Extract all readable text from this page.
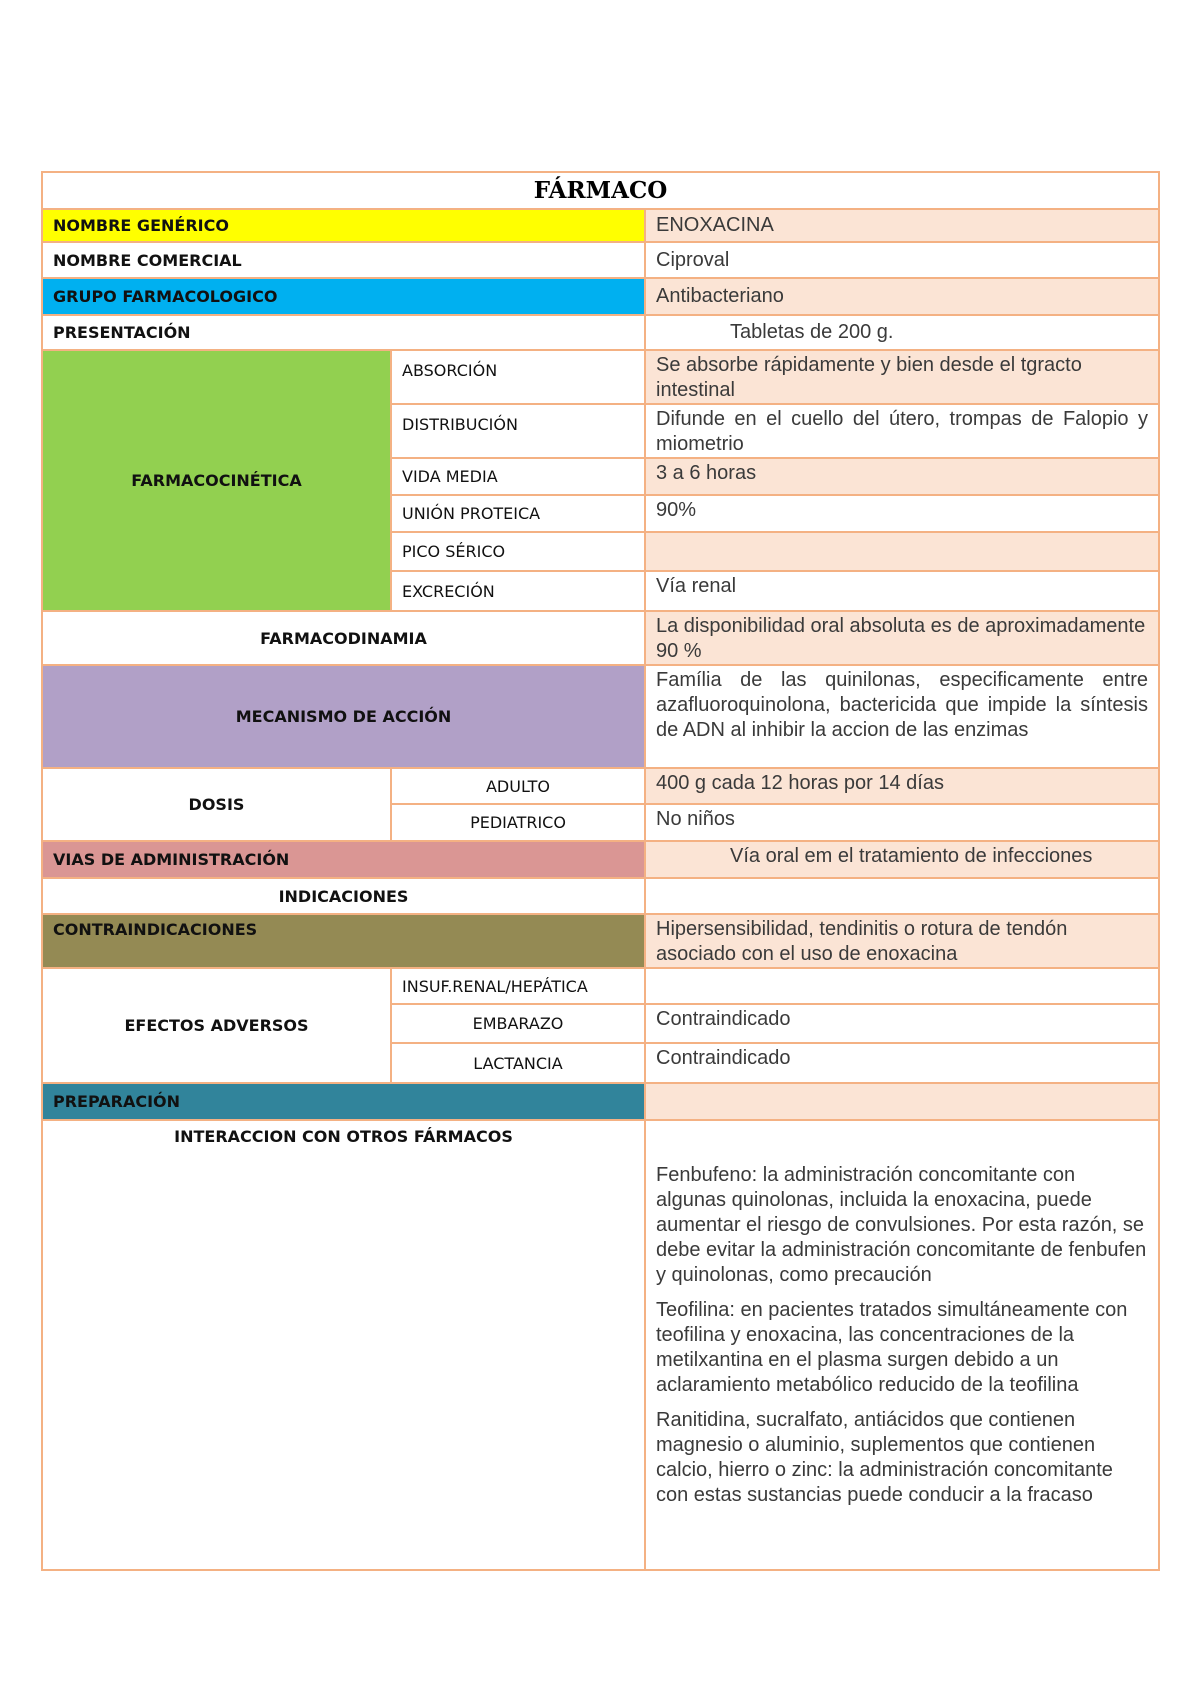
FÁRMACO		
NOMBRE GENÉRICO		ENOXACINA
NOMBRE COMERCIAL		Ciproval
GRUPO FARMACOLOGICO		Antibacteriano
PRESENTACIÓN		Tabletas de 200 g.
FARMACOCINÉTICA	ABSORCIÓN	Se absorbe rápidamente y bien desde el tgracto intestinal
	DISTRIBUCIÓN	Difunde en el cuello del útero, trompas de Falopio y miometrio
	VIDA MEDIA	3 a 6 horas
	UNIÓN PROTEICA	90%
	PICO SÉRICO	
	EXCRECIÓN	Vía renal
FARMACODINAMIA		La disponibilidad oral absoluta es de aproximadamente 90 %
MECANISMO DE ACCIÓN		Família de las quinilonas, especificamente entre azafluoroquinolona, bactericida que impide la síntesis de ADN al inhibir la accion de las enzimas
DOSIS	ADULTO	400 g cada 12 horas por 14 días
	PEDIATRICO	No niños
VIAS DE ADMINISTRACIÓN		Vía oral em el tratamiento de infecciones
INDICACIONES		
CONTRAINDICACIONES		Hipersensibilidad, tendinitis o rotura de tendón asociado con el uso de enoxacina
EFECTOS ADVERSOS	INSUF.RENAL/HEPÁTICA	
	EMBARAZO	Contraindicado
	LACTANCIA	Contraindicado
PREPARACIÓN		
INTERACCION CON OTROS FÁRMACOS		Fenbufeno: la administración concomitante con algunas quinolonas, incluida la enoxacina, puede aumentar el riesgo de convulsiones. Por esta razón, se debe evitar la administración concomitante de fenbufen y quinolonas, como precaución

Teofilina: en pacientes tratados simultáneamente con teofilina y enoxacina, las concentraciones de la metilxantina en el plasma surgen debido a un aclaramiento metabólico reducido de la teofilina

Ranitidina, sucralfato, antiácidos que contienen magnesio o aluminio, suplementos que contienen calcio, hierro o zinc: la administración concomitante con estas sustancias puede conducir a la fracaso
